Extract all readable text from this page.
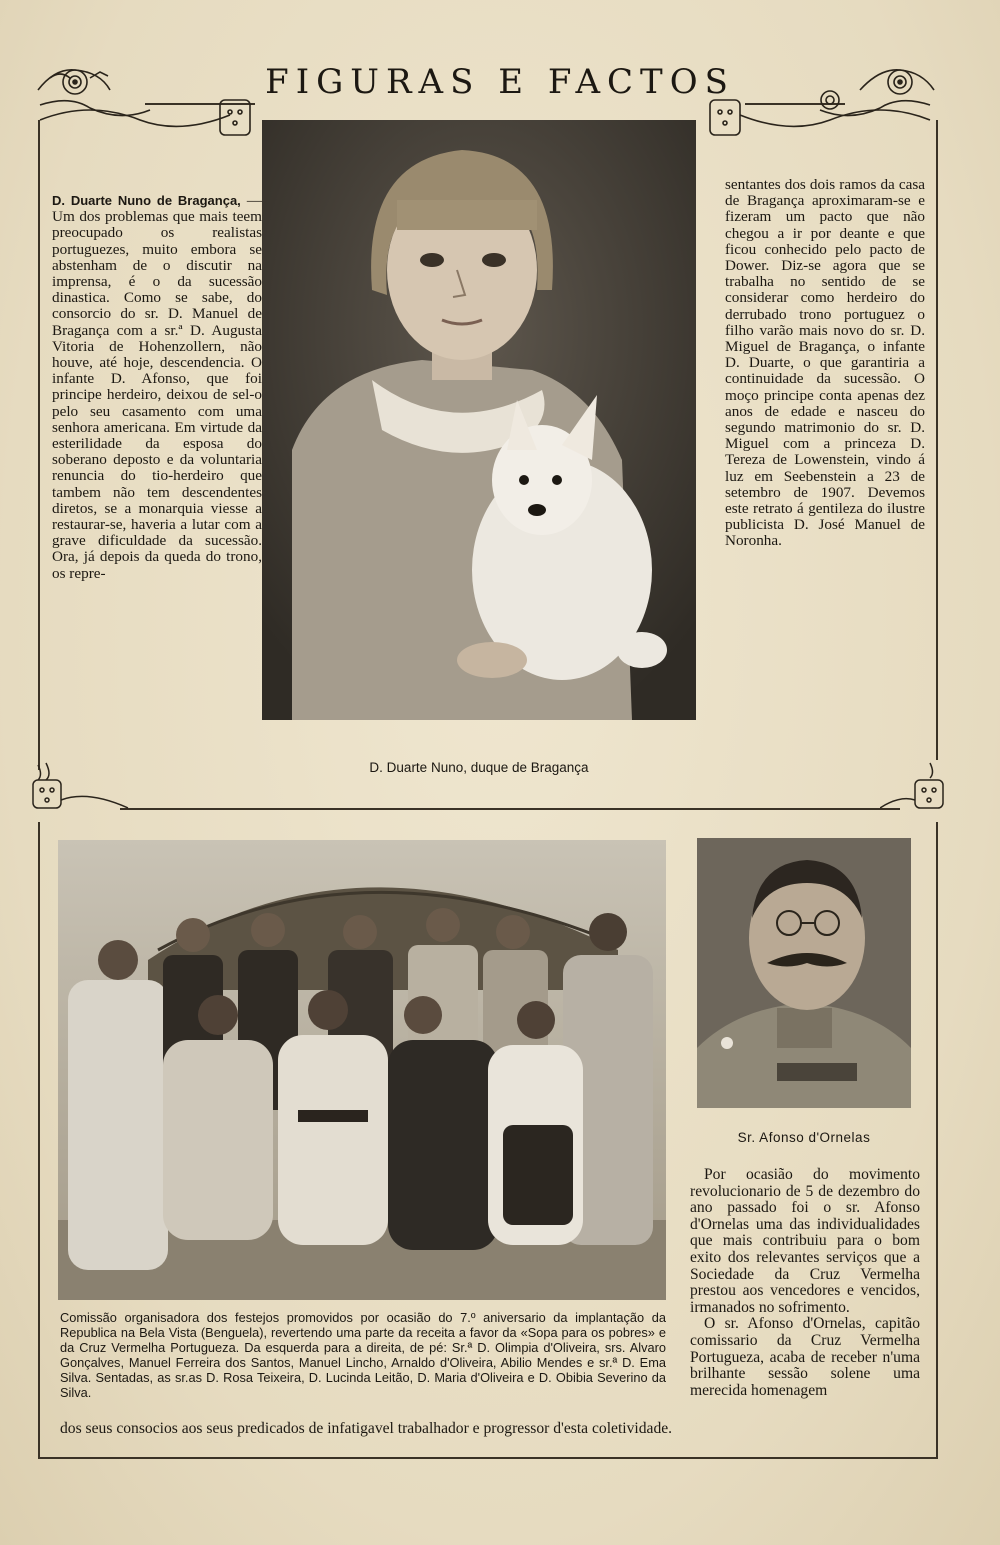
FIGURAS E FACTOS

D. Duarte Nuno de Bragança, — Um dos problemas que mais teem preocupado os realistas portuguezes, muito embora se abstenham de o discutir na imprensa, é o da sucessão dinastica. Como se sabe, do consorcio do sr. D. Manuel de Bragança com a sr.ª D. Augusta Vitoria de Hohenzollern, não houve, até hoje, descendencia. O infante D. Afonso, que foi principe herdeiro, deixou de sel-o pelo seu casamento com uma senhora americana. Em virtude da esterilidade da esposa do soberano deposto e da voluntaria renuncia do tio-herdeiro que tambem não tem descendentes diretos, se a monarquia viesse a restaurar-se, haveria a lutar com a grave dificuldade da sucessão. Ora, já depois da queda do trono, os repre-

sentantes dos dois ramos da casa de Bragança aproximaram-se e fizeram um pacto que não chegou a ir por deante e que ficou conhecido pelo pacto de Dower. Diz-se agora que se trabalha no sentido de se considerar como herdeiro do derrubado trono portuguez o filho varão mais novo do sr. D. Miguel de Bragança, o infante D. Duarte, o que garantiria a continuidade da sucessão. O moço principe conta apenas dez anos de edade e nasceu do segundo matrimonio do sr. D. Miguel com a princeza D. Tereza de Lowenstein, vindo á luz em Seebenstein a 23 de setembro de 1907. Devemos este retrato á gentileza do ilustre publicista D. José Manuel de Noronha.

D. Duarte Nuno, duque de Bragança
Comissão organisadora dos festejos promovidos por ocasião do 7.º aniversario da implantação da Republica na Bela Vista (Benguela), revertendo uma parte da receita a favor da «Sopa para os pobres» e da Cruz Vermelha Portugueza. Da esquerda para a direita, de pé: Sr.ª D. Olimpia d'Oliveira, srs. Alvaro Gonçalves, Manuel Ferreira dos Santos, Manuel Lincho, Arnaldo d'Oliveira, Abilio Mendes e sr.ª D. Ema Silva. Sentadas, as sr.as D. Rosa Teixeira, D. Lucinda Leitão, D. Maria d'Oliveira e D. Obibia Severino da Silva.
Sr. Afonso d'Ornelas

Por ocasião do movimento revolucionario de 5 de dezembro do ano passado foi o sr. Afonso d'Ornelas uma das individualidades que mais contribuiu para o bom exito dos relevantes serviços que a Sociedade da Cruz Vermelha prestou aos vencedores e vencidos, irmanados no sofrimento.

O sr. Afonso d'Ornelas, capitão comissario da Cruz Vermelha Portugueza, acaba de receber n'uma brilhante sessão solene uma merecida homenagem

dos seus consocios aos seus predicados de infatigavel trabalhador e progressor d'esta coletividade.
